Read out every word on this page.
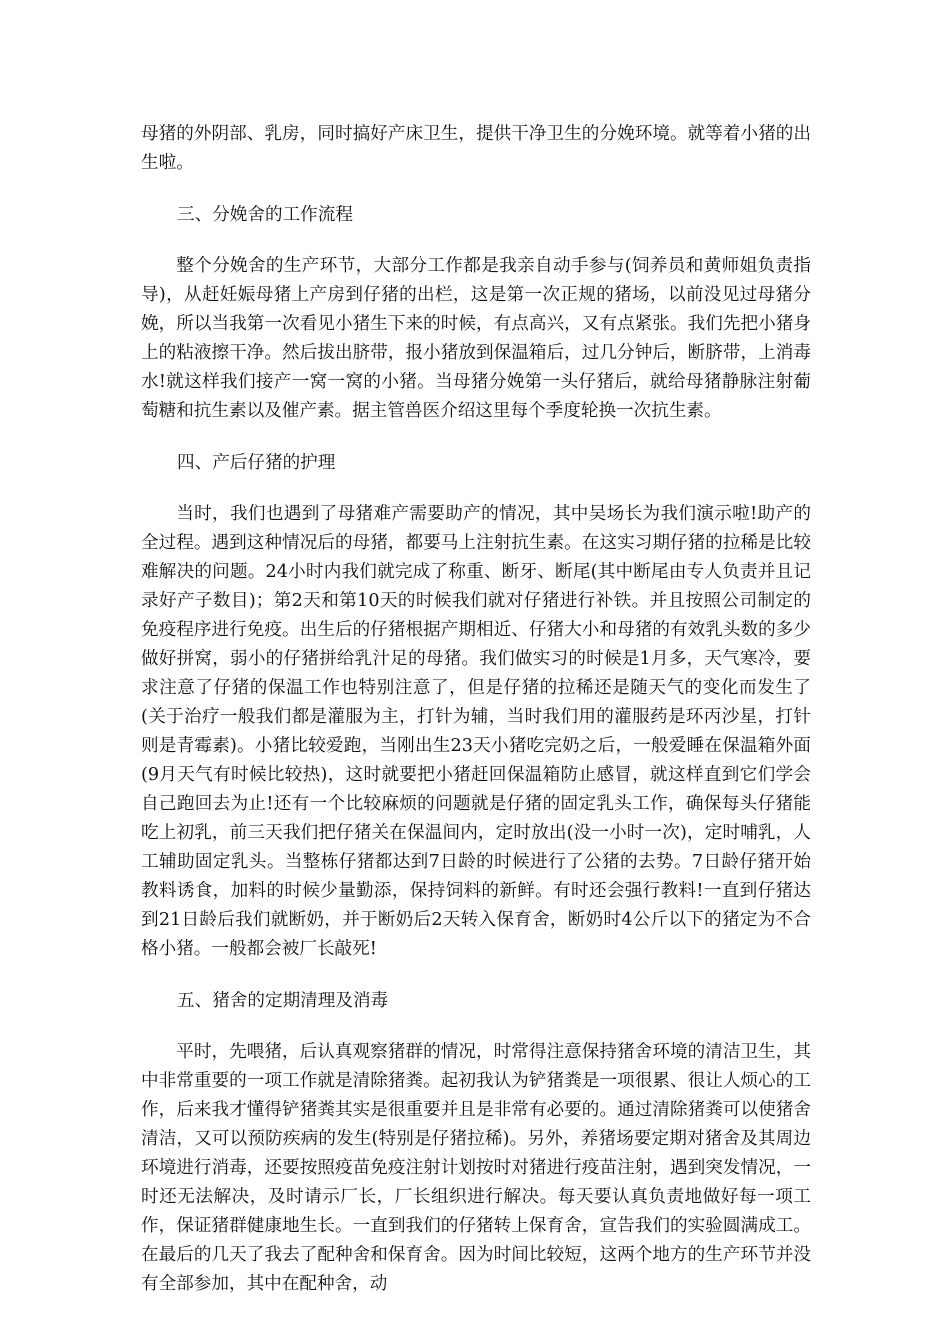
母猪的外阴部、乳房，同时搞好产床卫生，提供干净卫生的分娩环境。就等着小猪的出生啦。

三、分娩舍的工作流程

整个分娩舍的生产环节，大部分工作都是我亲自动手参与(饲养员和黄师姐负责指导)，从赶妊娠母猪上产房到仔猪的出栏，这是第一次正规的猪场，以前没见过母猪分娩，所以当我第一次看见小猪生下来的时候，有点高兴，又有点紧张。我们先把小猪身上的粘液擦干净。然后拔出脐带，报小猪放到保温箱后，过几分钟后，断脐带，上消毒水!就这样我们接产一窝一窝的小猪。当母猪分娩第一头仔猪后，就给母猪静脉注射葡萄糖和抗生素以及催产素。据主管兽医介绍这里每个季度轮换一次抗生素。

四、产后仔猪的护理

当时，我们也遇到了母猪难产需要助产的情况，其中吴场长为我们演示啦!助产的全过程。遇到这种情况后的母猪，都要马上注射抗生素。在这实习期仔猪的拉稀是比较难解决的问题。24小时内我们就完成了称重、断牙、断尾(其中断尾由专人负责并且记录好产子数目)；第2天和第10天的时候我们就对仔猪进行补铁。并且按照公司制定的免疫程序进行免疫。出生后的仔猪根据产期相近、仔猪大小和母猪的有效乳头数的多少做好拼窝，弱小的仔猪拼给乳汁足的母猪。我们做实习的时候是1月多，天气寒冷，要求注意了仔猪的保温工作也特别注意了，但是仔猪的拉稀还是随天气的变化而发生了(关于治疗一般我们都是灌服为主，打针为辅，当时我们用的灌服药是环丙沙星，打针则是青霉素)。小猪比较爱跑，当刚出生23天小猪吃完奶之后，一般爱睡在保温箱外面(9月天气有时候比较热)，这时就要把小猪赶回保温箱防止感冒，就这样直到它们学会自己跑回去为止!还有一个比较麻烦的问题就是仔猪的固定乳头工作，确保每头仔猪能吃上初乳，前三天我们把仔猪关在保温间内，定时放出(没一小时一次)，定时哺乳，人工辅助固定乳头。当整栋仔猪都达到7日龄的时候进行了公猪的去势。7日龄仔猪开始教料诱食，加料的时候少量勤添，保持饲料的新鲜。有时还会强行教料!一直到仔猪达到21日龄后我们就断奶，并于断奶后2天转入保育舍，断奶时4公斤以下的猪定为不合格小猪。一般都会被厂长敲死!

五、猪舍的定期清理及消毒

平时，先喂猪，后认真观察猪群的情况，时常得注意保持猪舍环境的清洁卫生，其中非常重要的一项工作就是清除猪粪。起初我认为铲猪粪是一项很累、很让人烦心的工作，后来我才懂得铲猪粪其实是很重要并且是非常有必要的。通过清除猪粪可以使猪舍清洁，又可以预防疾病的发生(特别是仔猪拉稀)。另外，养猪场要定期对猪舍及其周边环境进行消毒，还要按照疫苗免疫注射计划按时对猪进行疫苗注射，遇到突发情况，一时还无法解决，及时请示厂长，厂长组织进行解决。每天要认真负责地做好每一项工作，保证猪群健康地生长。一直到我们的仔猪转上保育舍，宣告我们的实验圆满成工。在最后的几天了我去了配种舍和保育舍。因为时间比较短，这两个地方的生产环节并没有全部参加，其中在配种舍，动
